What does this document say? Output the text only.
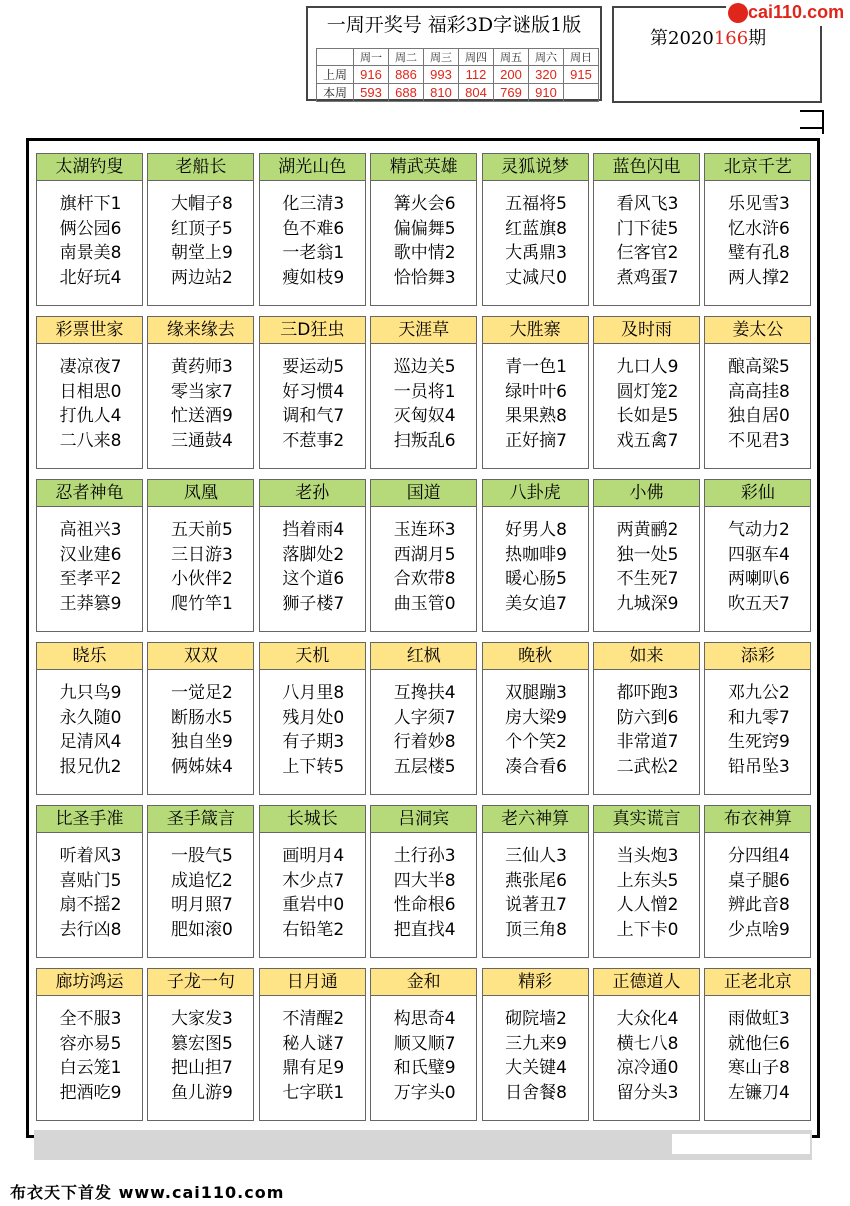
一周开奖号 福彩3D字谜版1版
	周一	周二	周三	周四	周五	周六	周日
上周	916	886	993	112	200	320	915
本周	593	688	810	804	769	910	
第2020166期
cai110.com
太湖钓叟
旗杆下1
俩公园6
南景美8
北好玩4
老船长
大帽子8
红顶子5
朝堂上9
两边站2
湖光山色
化三清3
色不难6
一老翁1
瘦如枝9
精武英雄
篝火会6
偏偏舞5
歌中情2
恰恰舞3
灵狐说梦
五福将5
红蓝旗8
大禹鼎3
丈减尺0
蓝色闪电
看风飞3
门下徒5
仨客官2
煮鸡蛋7
北京千艺
乐见雪3
忆水浒6
璧有孔8
两人撑2
彩票世家
凄凉夜7
日相思0
打仇人4
二八来8
缘来缘去
黄药师3
零当家7
忙送酒9
三通鼓4
三D狂虫
要运动5
好习惯4
调和气7
不惹事2
天涯草
巡边关5
一员将1
灭匈奴4
扫叛乱6
大胜寨
青一色1
绿叶叶6
果果熟8
正好摘7
及时雨
九口人9
圆灯笼2
长如是5
戏五禽7
姜太公
酿高粱5
高高挂8
独自居0
不见君3
忍者神龟
高祖兴3
汉业建6
至孝平2
王莽篡9
凤凰
五天前5
三日游3
小伙伴2
爬竹竿1
老孙
挡着雨4
落脚处2
这个道6
狮子楼7
国道
玉连环3
西湖月5
合欢带8
曲玉管0
八卦虎
好男人8
热咖啡9
暖心肠5
美女追7
小佛
两黄鹂2
独一处5
不生死7
九城深9
彩仙
气动力2
四驱车4
两喇叭6
吹五天7
晓乐
九只鸟9
永久随0
足清风4
报兄仇2
双双
一觉足2
断肠水5
独自坐9
俩姊妹4
天机
八月里8
残月处0
有子期3
上下转5
红枫
互搀扶4
人字须7
行着妙8
五层楼5
晚秋
双腿蹦3
房大梁9
个个笑2
凑合看6
如来
都吓跑3
防六到6
非常道7
二武松2
添彩
邓九公2
和九零7
生死窍9
铅吊坠3
比圣手准
听着风3
喜贴门5
扇不摇2
去行凶8
圣手箴言
一股气5
成追忆2
明月照7
肥如滚0
长城长
画明月4
木少点7
重岩中0
右铅笔2
吕洞宾
土行孙3
四大半8
性命根6
把直找4
老六神算
三仙人3
燕张尾6
说著丑7
顶三角8
真实谎言
当头炮3
上东头5
人人憎2
上下卡0
布衣神算
分四组4
桌子腿6
辨此音8
少点啥9
廊坊鸿运
全不服3
容亦易5
白云笼1
把酒吃9
子龙一句
大家发3
篡宏图5
把山担7
鱼儿游9
日月通
不清醒2
秘人谜7
鼎有足9
七字联1
金和
构思奇4
顺又顺7
和氏璧9
万字头0
精彩
砌院墙2
三九来9
大关键4
日舍餐8
正德道人
大众化4
横七八8
凉冷通0
留分头3
正老北京
雨做虹3
就他仨6
寒山子8
左镰刀4
布衣天下首发 www.cai110.com
